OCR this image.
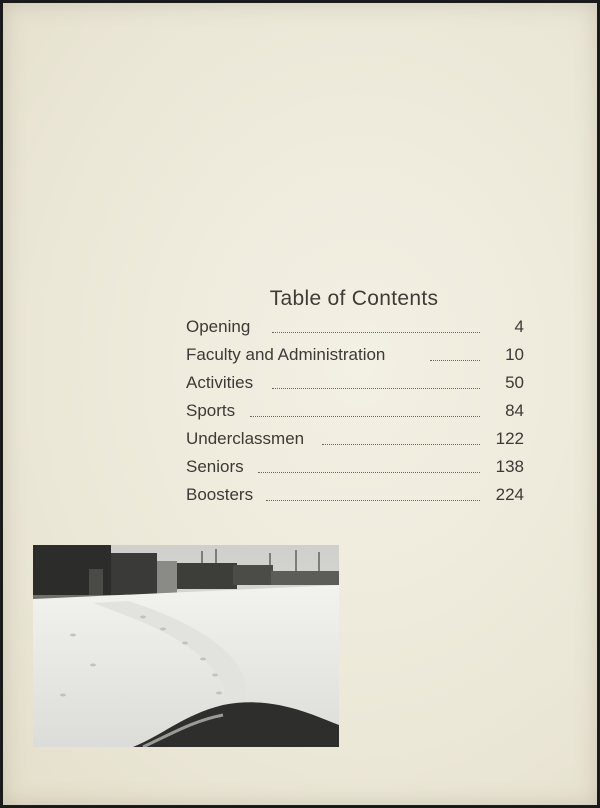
Table of Contents
Opening	4
Faculty and Administration	10
Activities	50
Sports	84
Underclassmen	122
Seniors	138
Boosters	224
